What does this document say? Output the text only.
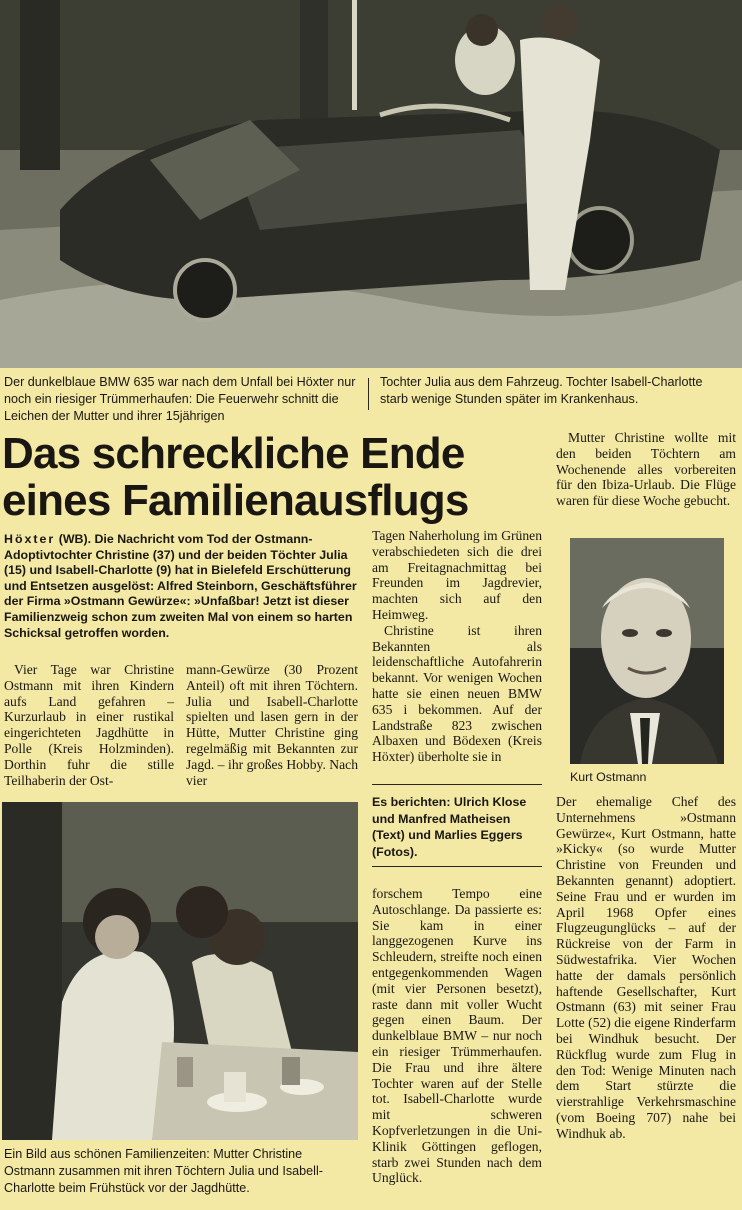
Der dunkelblaue BMW 635 war nach dem Unfall bei Höxter nur noch ein riesiger Trümmerhaufen: Die Feuerwehr schnitt die Leichen der Mutter und ihrer 15jährigen
Tochter Julia aus dem Fahrzeug. Tochter Isabell-Charlotte starb wenige Stunden später im Krankenhaus.
Das schreckliche Ende
eines Familienausflugs
Höxter (WB). Die Nachricht vom Tod der Ostmann-Adoptivtochter Christine (37) und der beiden Töchter Julia (15) und Isabell-Charlotte (9) hat in Bielefeld Erschütterung und Entsetzen ausgelöst: Alfred Steinborn, Geschäftsführer der Firma »Ostmann Gewürze«: »Unfaßbar! Jetzt ist dieser Familienzweig schon zum zweiten Mal von einem so harten Schicksal getroffen worden.

Vier Tage war Christine Ostmann mit ihren Kindern aufs Land gefahren – Kurzurlaub in einer rustikal eingerichteten Jagdhütte in Polle (Kreis Holzminden). Dorthin fuhr die stille Teilhaberin der Ost-

mann-Gewürze (30 Prozent Anteil) oft mit ihren Töchtern. Julia und Isabell-Charlotte spielten und lasen gern in der Hütte, Mutter Christine ging regelmäßig mit Bekannten zur Jagd. – ihr großes Hobby. Nach vier

Ein Bild aus schönen Familienzeiten: Mutter Christine Ostmann zusammen mit ihren Töchtern Julia und Isabell-Charlotte beim Frühstück vor der Jagdhütte.

Tagen Naherholung im Grünen verabschiedeten sich die drei am Freitagnachmittag bei Freunden im Jagdrevier, machten sich auf den Heimweg.

Christine ist ihren Bekannten als leidenschaftliche Autofahrerin bekannt. Vor wenigen Wochen hatte sie einen neuen BMW 635 i bekommen. Auf der Landstraße 823 zwischen Albaxen und Bödexen (Kreis Höxter) überholte sie in

Es berichten: Ulrich Klose und Manfred Matheisen (Text) und Marlies Eggers (Fotos).

forschem Tempo eine Autoschlange. Da passierte es: Sie kam in einer langgezogenen Kurve ins Schleudern, streifte noch einen entgegenkommenden Wagen (mit vier Personen besetzt), raste dann mit voller Wucht gegen einen Baum. Der dunkelblaue BMW – nur noch ein riesiger Trümmerhaufen. Die Frau und ihre ältere Tochter waren auf der Stelle tot. Isabell-Charlotte wurde mit schweren Kopfverletzungen in die Uni-Klinik Göttingen geflogen, starb zwei Stunden nach dem Unglück.

Mutter Christine wollte mit den beiden Töchtern am Wochenende alles vorbereiten für den Ibiza-Urlaub. Die Flüge waren für diese Woche gebucht.

Kurt Ostmann

Der ehemalige Chef des Unternehmens »Ostmann Gewürze«, Kurt Ostmann, hatte »Kicky« (so wurde Mutter Christine von Freunden und Bekannten genannt) adoptiert. Seine Frau und er wurden im April 1968 Opfer eines Flugzeugunglücks – auf der Rückreise von der Farm in Südwestafrika. Vier Wochen hatte der damals persönlich haftende Gesellschafter, Kurt Ostmann (63) mit seiner Frau Lotte (52) die eigene Rinderfarm bei Windhuk besucht. Der Rückflug wurde zum Flug in den Tod: Wenige Minuten nach dem Start stürzte die vierstrahlige Verkehrsmaschine (vom Boeing 707) nahe bei Windhuk ab.
